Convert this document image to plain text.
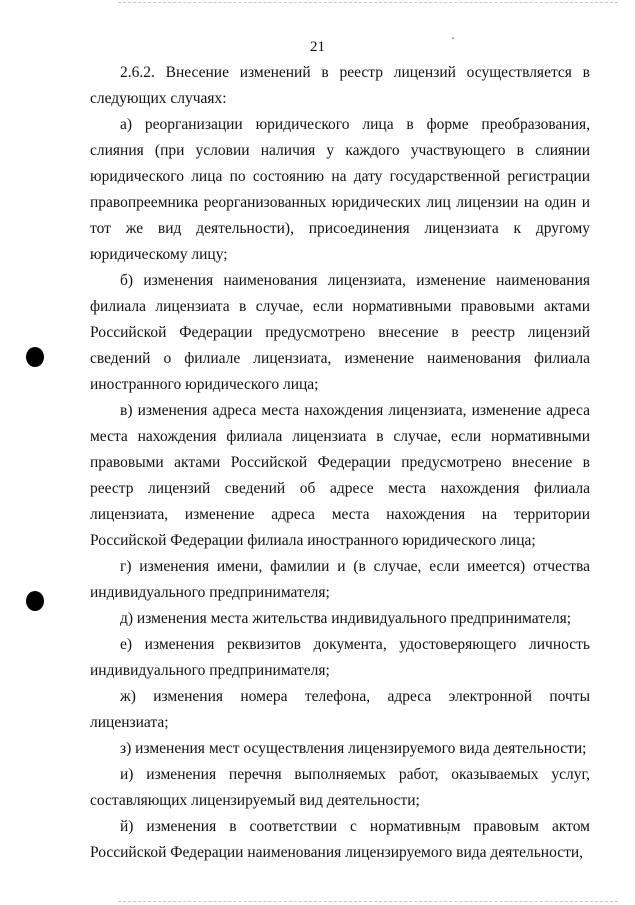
21

2.6.2. Внесение изменений в реестр лицензий осуществляется в следующих случаях:

а) реорганизации юридического лица в форме преобразования, слияния (при условии наличия у каждого участвующего в слиянии юридического лица по состоянию на дату государственной регистрации правопреемника реорганизованных юридических лиц лицензии на один и тот же вид деятельности), присоединения лицензиата к другому юридическому лицу;

б) изменения наименования лицензиата, изменение наименования филиала лицензиата в случае, если нормативными правовыми актами Российской Федерации предусмотрено внесение в реестр лицензий сведений о филиале лицензиата, изменение наименования филиала иностранного юридического лица;

в) изменения адреса места нахождения лицензиата, изменение адреса места нахождения филиала лицензиата в случае, если нормативными правовыми актами Российской Федерации предусмотрено внесение в реестр лицензий сведений об адресе места нахождения филиала лицензиата, изменение адреса места нахождения на территории Российской Федерации филиала иностранного юридического лица;

г) изменения имени, фамилии и (в случае, если имеется) отчества индивидуального предпринимателя;

д) изменения места жительства индивидуального предпринимателя;

е) изменения реквизитов документа, удостоверяющего личность индивидуального предпринимателя;

ж) изменения номера телефона, адреса электронной почты лицензиата;

з) изменения мест осуществления лицензируемого вида деятельности;

и) изменения перечня выполняемых работ, оказываемых услуг, составляющих лицензируемый вид деятельности;

й) изменения в соответствии с нормативным правовым актом Российской Федерации наименования лицензируемого вида деятельности,
